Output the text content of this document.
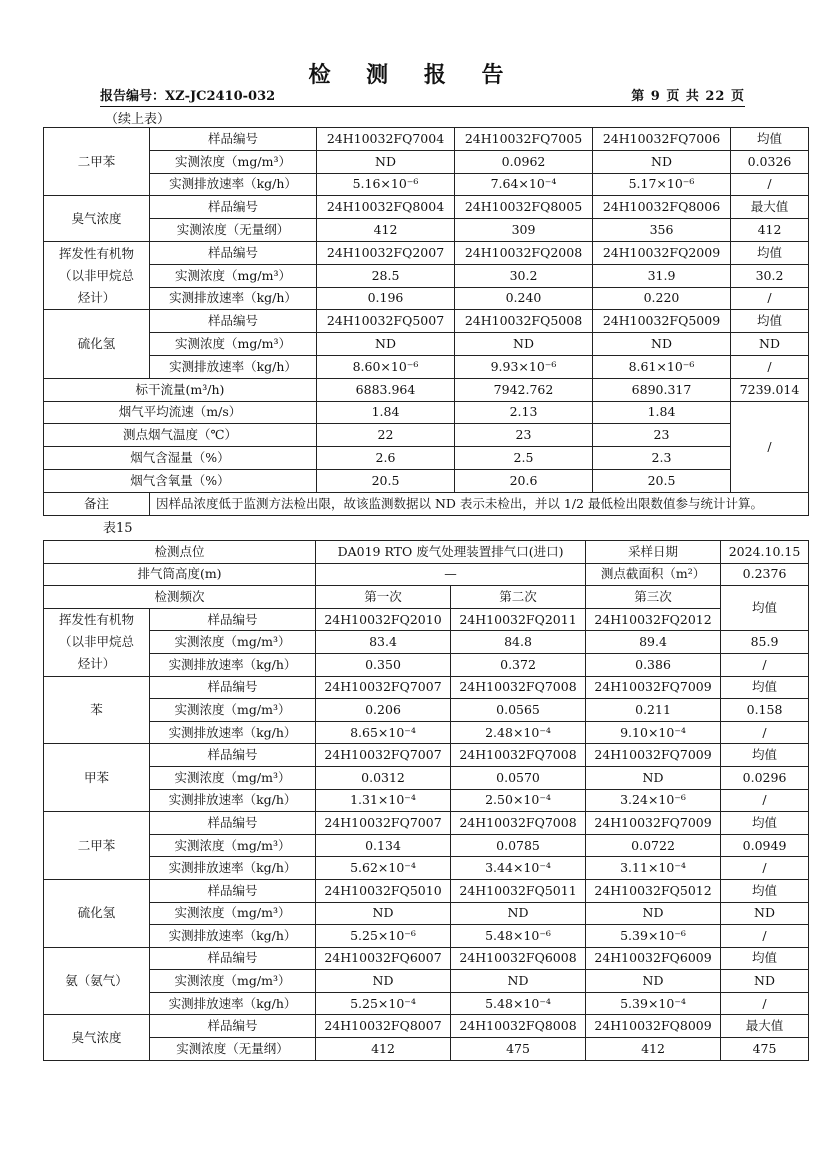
检 测 报 告
报告编号：XZ-JC2410-032	第 9 页 共 22 页
（续上表）
二甲苯	样品编号	24H10032FQ7004	24H10032FQ7005	24H10032FQ7006	均值
	实测浓度（mg/m³）	ND	0.0962	ND	0.0326
	实测排放速率（kg/h）	5.16×10⁻⁶	7.64×10⁻⁴	5.17×10⁻⁶	/
臭气浓度	样品编号	24H10032FQ8004	24H10032FQ8005	24H10032FQ8006	最大值
	实测浓度（无量纲）	412	309	356	412

挥发性有机物
（以非甲烷总
烃计）	样品编号	24H10032FQ2007	24H10032FQ2008	24H10032FQ2009	均值
	实测浓度（mg/m³）	28.5	30.2	31.9	30.2
	实测排放速率（kg/h）	0.196	0.240	0.220	/
硫化氢	样品编号	24H10032FQ5007	24H10032FQ5008	24H10032FQ5009	均值
	实测浓度（mg/m³）	ND	ND	ND	ND
	实测排放速率（kg/h）	8.60×10⁻⁶	9.93×10⁻⁶	8.61×10⁻⁶	/
标干流量(m³/h)		6883.964	7942.762	6890.317	7239.014
烟气平均流速（m/s）		1.84	2.13	1.84	/
测点烟气温度（℃）		22	23	23	
烟气含湿量（%）		2.6	2.5	2.3	
烟气含氧量（%）		20.5	20.6	20.5	
备注	因样品浓度低于监测方法检出限，故该监测数据以 ND 表示未检出，并以 1/2 最低检出限数值参与统计计算。				
表15
检测点位		DA019 RTO 废气处理装置排气口(进口)		采样日期	2024.10.15
排气筒高度(m)		—		测点截面积（m²）	0.2376
检测频次		第一次	第二次	第三次	均值

挥发性有机物
（以非甲烷总
烃计）	样品编号	24H10032FQ2010	24H10032FQ2011	24H10032FQ2012	
	实测浓度（mg/m³）	83.4	84.8	89.4	85.9
	实测排放速率（kg/h）	0.350	0.372	0.386	/
苯	样品编号	24H10032FQ7007	24H10032FQ7008	24H10032FQ7009	均值
	实测浓度（mg/m³）	0.206	0.0565	0.211	0.158
	实测排放速率（kg/h）	8.65×10⁻⁴	2.48×10⁻⁴	9.10×10⁻⁴	/
甲苯	样品编号	24H10032FQ7007	24H10032FQ7008	24H10032FQ7009	均值
	实测浓度（mg/m³）	0.0312	0.0570	ND	0.0296
	实测排放速率（kg/h）	1.31×10⁻⁴	2.50×10⁻⁴	3.24×10⁻⁶	/
二甲苯	样品编号	24H10032FQ7007	24H10032FQ7008	24H10032FQ7009	均值
	实测浓度（mg/m³）	0.134	0.0785	0.0722	0.0949
	实测排放速率（kg/h）	5.62×10⁻⁴	3.44×10⁻⁴	3.11×10⁻⁴	/
硫化氢	样品编号	24H10032FQ5010	24H10032FQ5011	24H10032FQ5012	均值
	实测浓度（mg/m³）	ND	ND	ND	ND
	实测排放速率（kg/h）	5.25×10⁻⁶	5.48×10⁻⁶	5.39×10⁻⁶	/
氨（氨气）	样品编号	24H10032FQ6007	24H10032FQ6008	24H10032FQ6009	均值
	实测浓度（mg/m³）	ND	ND	ND	ND
	实测排放速率（kg/h）	5.25×10⁻⁴	5.48×10⁻⁴	5.39×10⁻⁴	/
臭气浓度	样品编号	24H10032FQ8007	24H10032FQ8008	24H10032FQ8009	最大值
	实测浓度（无量纲）	412	475	412	475
